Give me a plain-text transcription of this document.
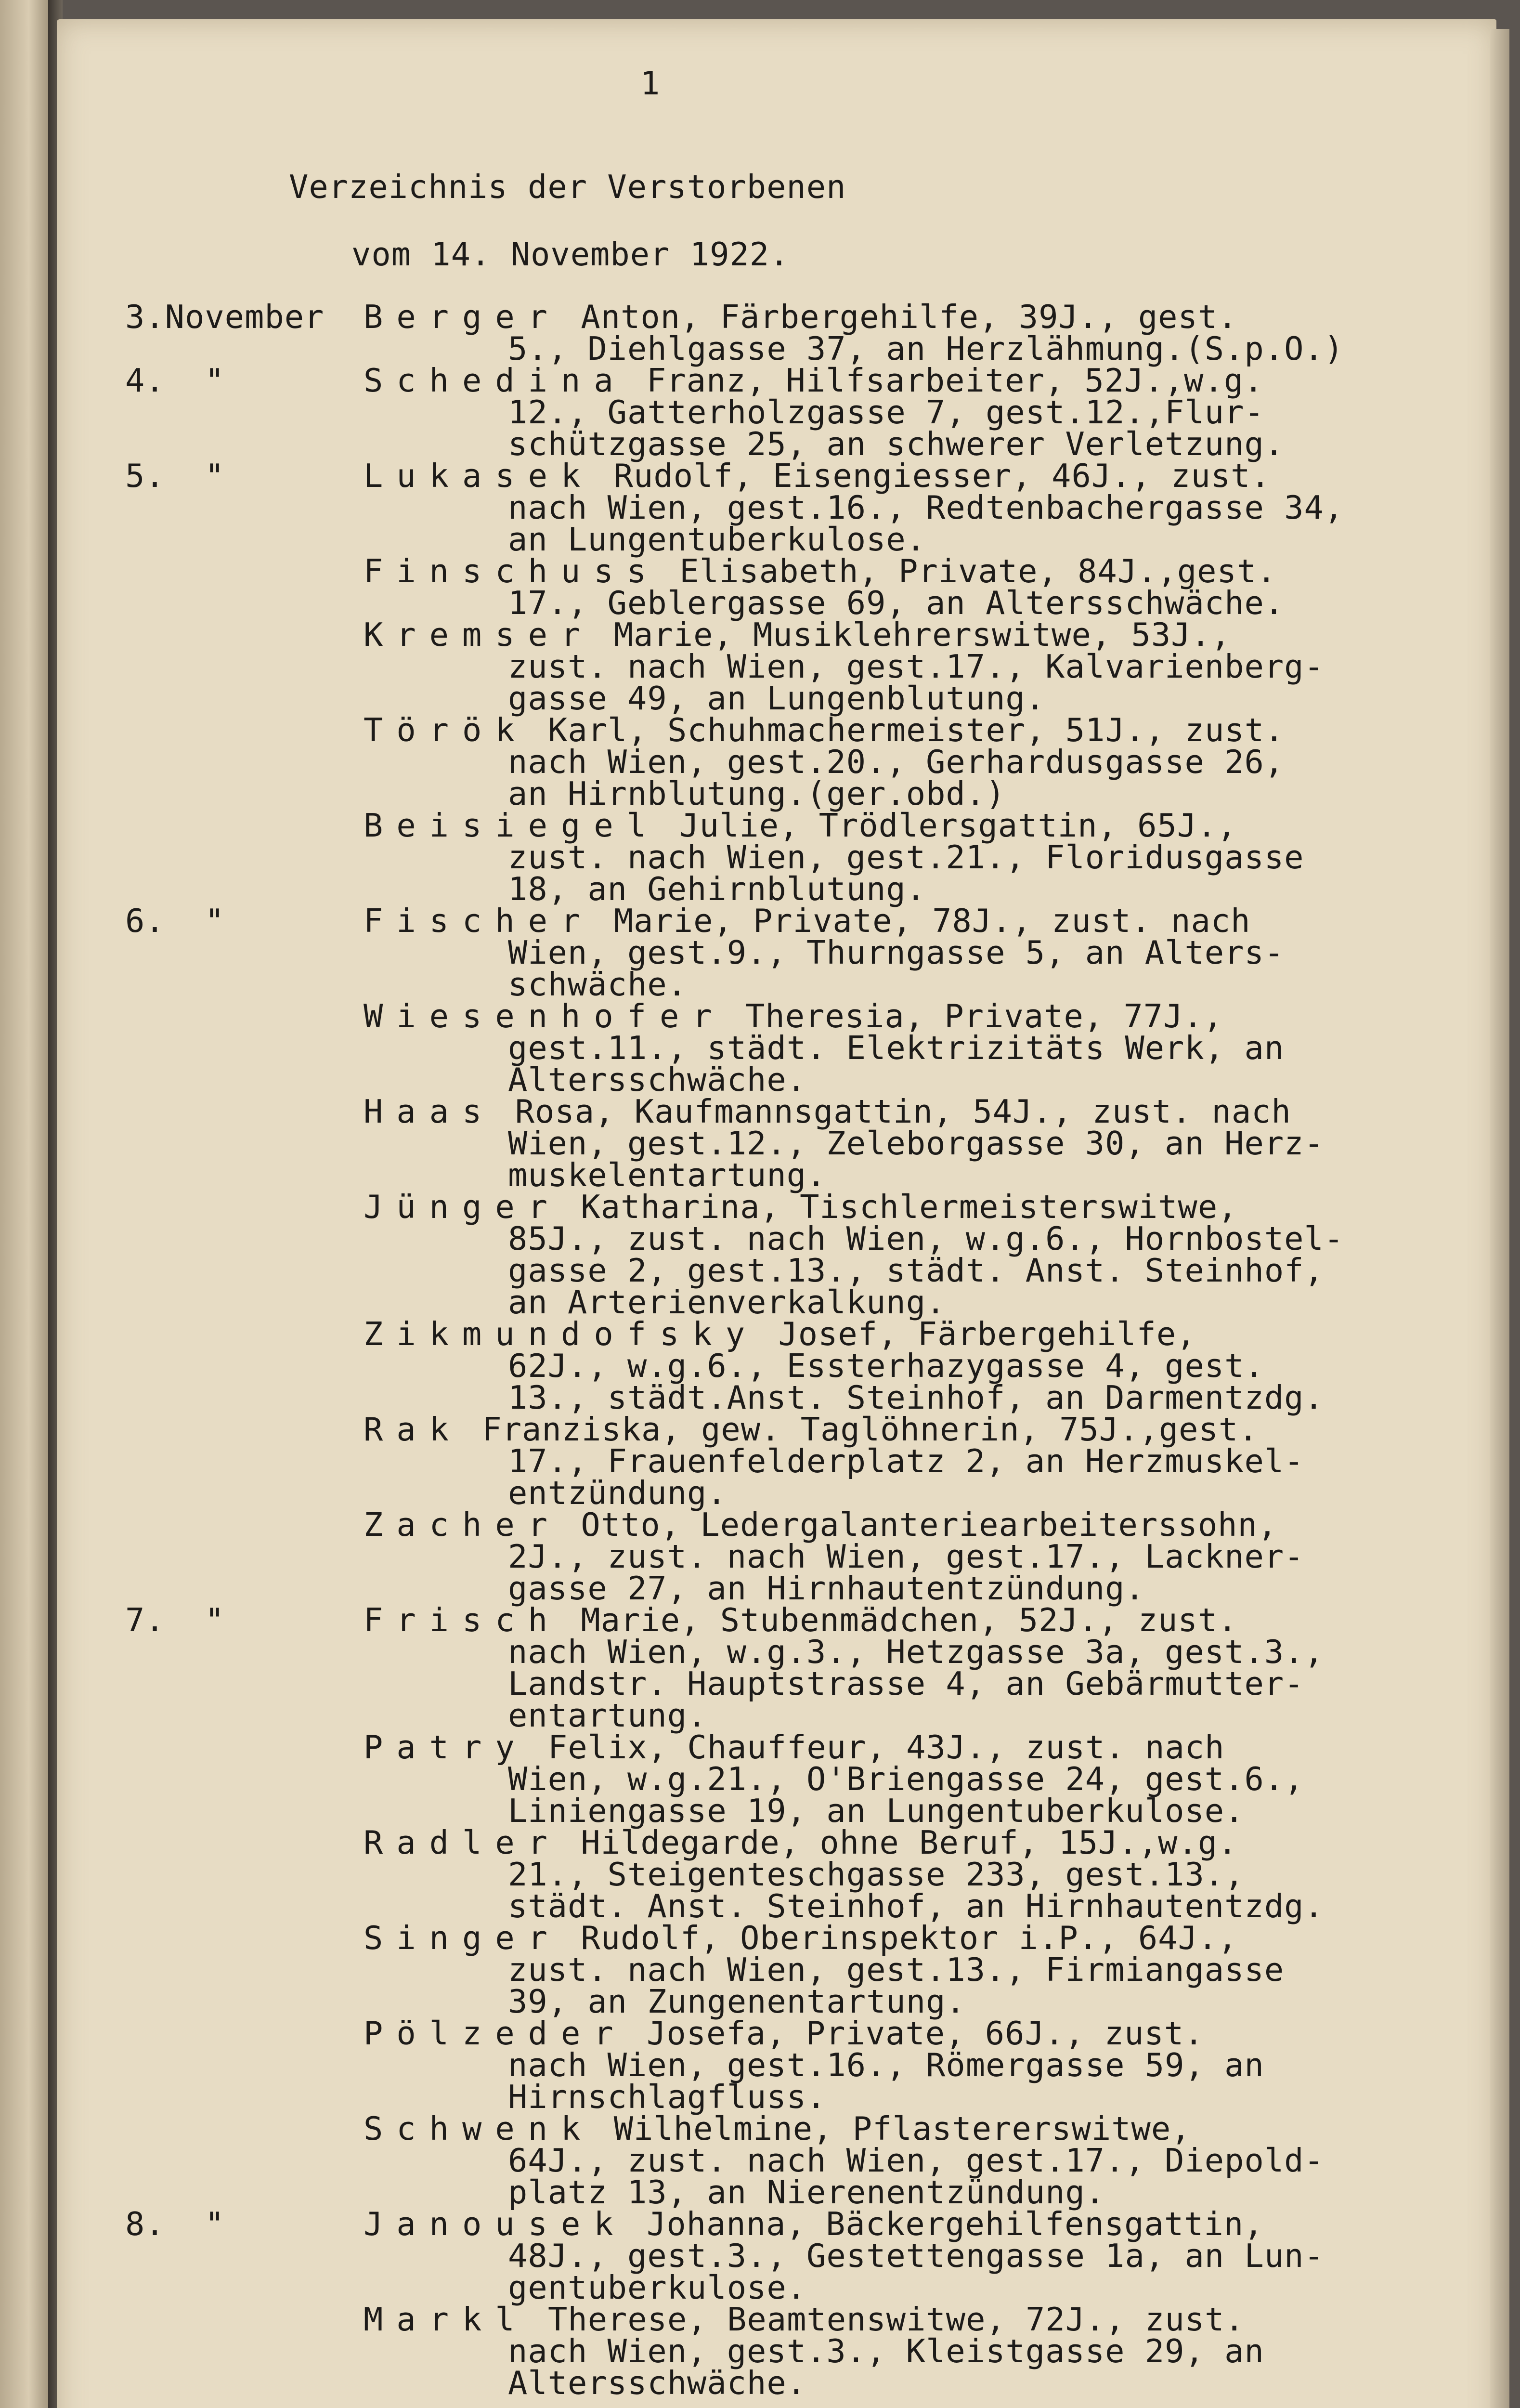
1
Verzeichnis der Verstorbenen
vom 14. November 1922.
3.November Berger Anton, Färbergehilfe, 39J., gest.
5., Diehlgasse 37, an Herzlähmung.(S.p.O.)
4.  "	Schedina Franz, Hilfsarbeiter, 52J.,w.g.
12., Gatterholzgasse 7, gest.12.,Flur-
schützgasse 25, an schwerer Verletzung.
5.  "	Lukasek Rudolf, Eisengiesser, 46J., zust.
nach Wien, gest.16., Redtenbachergasse 34,
an Lungentuberkulose.
Finschuss Elisabeth, Private, 84J.,gest.
17., Geblergasse 69, an Altersschwäche.
Kremser Marie, Musiklehrerswitwe, 53J.,
zust. nach Wien, gest.17., Kalvarienberg-
gasse 49, an Lungenblutung.
Török Karl, Schuhmachermeister, 51J., zust.
nach Wien, gest.20., Gerhardusgasse 26,
an Hirnblutung.(ger.obd.)
Beisiegel Julie, Trödlersgattin, 65J.,
zust. nach Wien, gest.21., Floridusgasse
18, an Gehirnblutung.
6.  "	Fischer Marie, Private, 78J., zust. nach
Wien, gest.9., Thurngasse 5, an Alters-
schwäche.
Wiesenhofer Theresia, Private, 77J.,
gest.11., städt. Elektrizitäts Werk, an
Altersschwäche.
Haas Rosa, Kaufmannsgattin, 54J., zust. nach
Wien, gest.12., Zeleborgasse 30, an Herz-
muskelentartung.
Jünger Katharina, Tischlermeisterswitwe,
85J., zust. nach Wien, w.g.6., Hornbostel-
gasse 2, gest.13., städt. Anst. Steinhof,
an Arterienverkalkung.
Zikmundofsky Josef, Färbergehilfe,
62J., w.g.6., Essterhazygasse 4, gest.
13., städt.Anst. Steinhof, an Darmentzdg.
Rak Franziska, gew. Taglöhnerin, 75J.,gest.
17., Frauenfelderplatz 2, an Herzmuskel-
entzündung.
Zacher Otto, Ledergalanteriearbeiterssohn,
2J., zust. nach Wien, gest.17., Lackner-
gasse 27, an Hirnhautentzündung.
7.  "	Frisch Marie, Stubenmädchen, 52J., zust.
nach Wien, w.g.3., Hetzgasse 3a, gest.3.,
Landstr. Hauptstrasse 4, an Gebärmutter-
entartung.
Patry Felix, Chauffeur, 43J., zust. nach
Wien, w.g.21., O'Briengasse 24, gest.6.,
Liniengasse 19, an Lungentuberkulose.
Radler Hildegarde, ohne Beruf, 15J.,w.g.
21., Steigenteschgasse 233, gest.13.,
städt. Anst. Steinhof, an Hirnhautentzdg.
Singer Rudolf, Oberinspektor i.P., 64J.,
zust. nach Wien, gest.13., Firmiangasse
39, an Zungenentartung.
Pölzeder Josefa, Private, 66J., zust.
nach Wien, gest.16., Römergasse 59, an
Hirnschlagfluss.
Schwenk Wilhelmine, Pflastererswitwe,
64J., zust. nach Wien, gest.17., Diepold-
platz 13, an Nierenentzündung.
8.  "	Janousek Johanna, Bäckergehilfensgattin,
48J., gest.3., Gestettengasse 1a, an Lun-
gentuberkulose.
Markl Therese, Beamtenswitwe, 72J., zust.
nach Wien, gest.3., Kleistgasse 29, an
Altersschwäche.
